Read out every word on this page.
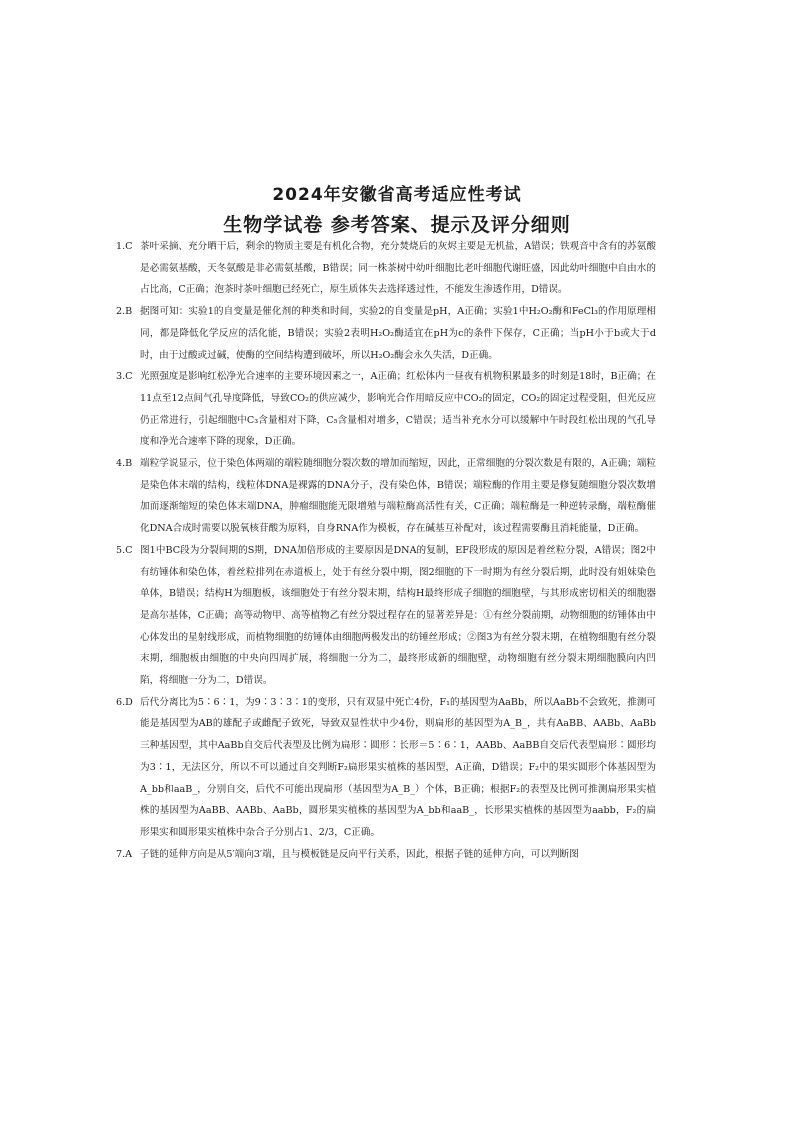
2024年安徽省高考适应性考试
生物学试卷 参考答案、提示及评分细则

1.C 茶叶采摘、充分晒干后，剩余的物质主要是有机化合物，充分焚烧后的灰烬主要是无机盐，A错误；铁观音中含有的苏氨酸是必需氨基酸，天冬氨酸是非必需氨基酸，B错误；同一株茶树中幼叶细胞比老叶细胞代谢旺盛，因此幼叶细胞中自由水的占比高，C正确；泡茶时茶叶细胞已经死亡，原生质体失去选择透过性，不能发生渗透作用，D错误。

2.B 据图可知：实验1的自变量是催化剂的种类和时间，实验2的自变量是pH，A正确；实验1中H₂O₂酶和FeCl₃的作用原理相同，都是降低化学反应的活化能，B错误；实验2表明H₂O₂酶适宜在pH为c的条件下保存，C正确；当pH小于b或大于d时，由于过酸或过碱，使酶的空间结构遭到破坏，所以H₂O₂酶会永久失活，D正确。

3.C 光照强度是影响红松净光合速率的主要环境因素之一，A正确；红松体内一昼夜有机物积累最多的时刻是18时，B正确；在11点至12点间气孔导度降低，导致CO₂的供应减少，影响光合作用暗反应中CO₂的固定，CO₂的固定过程受阻，但光反应仍正常进行，引起细胞中C₃含量相对下降，C₅含量相对增多，C错误；适当补充水分可以缓解中午时段红松出现的气孔导度和净光合速率下降的现象，D正确。

4.B 端粒学说显示，位于染色体两端的端粒随细胞分裂次数的增加而缩短，因此，正常细胞的分裂次数是有限的，A正确；端粒是染色体末端的结构，线粒体DNA是裸露的DNA分子，没有染色体，B错误；端粒酶的作用主要是修复随细胞分裂次数增加而逐渐缩短的染色体末端DNA，肿瘤细胞能无限增殖与端粒酶高活性有关，C正确；端粒酶是一种逆转录酶，端粒酶催化DNA合成时需要以脱氧核苷酸为原料，自身RNA作为模板，存在碱基互补配对，该过程需要酶且消耗能量，D正确。

5.C 图1中BC段为分裂间期的S期，DNA加倍形成的主要原因是DNA的复制，EF段形成的原因是着丝粒分裂，A错误；图2中有纺锤体和染色体，着丝粒排列在赤道板上，处于有丝分裂中期，图2细胞的下一时期为有丝分裂后期，此时没有姐妹染色单体，B错误；结构H为细胞板，该细胞处于有丝分裂末期，结构H最终形成子细胞的细胞壁，与其形成密切相关的细胞器是高尔基体，C正确；高等动物甲、高等植物乙有丝分裂过程存在的显著差异是：①有丝分裂前期，动物细胞的纺锤体由中心体发出的星射线形成，而植物细胞的纺锤体由细胞两极发出的纺锤丝形成；②图3为有丝分裂末期，在植物细胞有丝分裂末期，细胞板由细胞的中央向四周扩展，将细胞一分为二，最终形成新的细胞壁，动物细胞有丝分裂末期细胞膜向内凹陷，将细胞一分为二，D错误。

6.D 后代分离比为5∶6∶1，为9∶3∶3∶1的变形，只有双显中死亡4份，F₁的基因型为AaBb，所以AaBb不会致死，推测可能是基因型为AB的雄配子或雌配子致死，导致双显性状中少4份，则扁形的基因型为A_B_，共有AaBB、AABb、AaBb三种基因型，其中AaBb自交后代表型及比例为扁形∶圆形∶长形＝5∶6∶1，AABb、AaBB自交后代表型扁形∶圆形均为3∶1，无法区分，所以不可以通过自交判断F₂扁形果实植株的基因型，A正确，D错误；F₂中的果实圆形个体基因型为A_bb和aaB_，分别自交，后代不可能出现扁形（基因型为A_B_）个体，B正确；根据F₂的表型及比例可推测扁形果实植株的基因型为AaBB、AABb、AaBb，圆形果实植株的基因型为A_bb和aaB_，长形果实植株的基因型为aabb，F₂的扁形果实和圆形果实植株中杂合子分别占1、2/3，C正确。

7.A 子链的延伸方向是从5′端向3′端，且与模板链是反向平行关系，因此，根据子链的延伸方向，可以判断图
